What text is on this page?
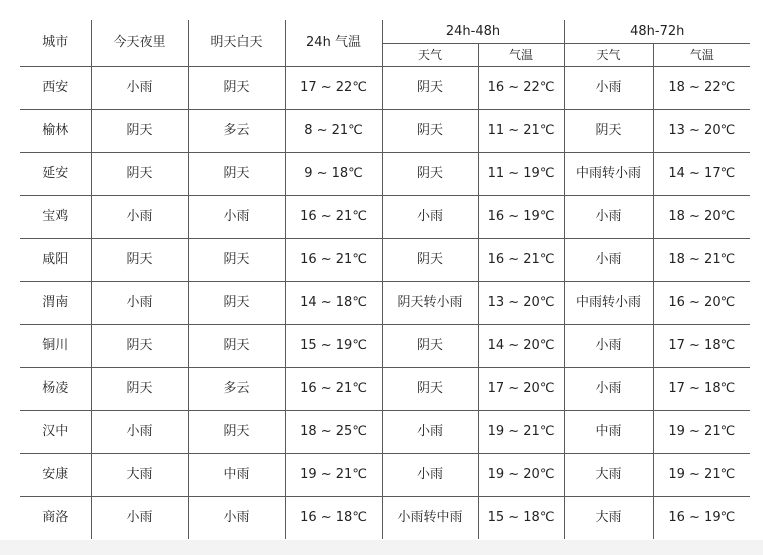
城市	今天夜里	明天白天	24h 气温	24h-48h		48h-72h	
				天气	气温	天气	气温
西安	小雨	阴天	17 ~ 22℃	阴天	16 ~ 22℃	小雨	18 ~ 22℃
榆林	阴天	多云	8 ~ 21℃	阴天	11 ~ 21℃	阴天	13 ~ 20℃
延安	阴天	阴天	9 ~ 18℃	阴天	11 ~ 19℃	中雨转小雨	14 ~ 17℃
宝鸡	小雨	小雨	16 ~ 21℃	小雨	16 ~ 19℃	小雨	18 ~ 20℃
咸阳	阴天	阴天	16 ~ 21℃	阴天	16 ~ 21℃	小雨	18 ~ 21℃
渭南	小雨	阴天	14 ~ 18℃	阴天转小雨	13 ~ 20℃	中雨转小雨	16 ~ 20℃
铜川	阴天	阴天	15 ~ 19℃	阴天	14 ~ 20℃	小雨	17 ~ 18℃
杨凌	阴天	多云	16 ~ 21℃	阴天	17 ~ 20℃	小雨	17 ~ 18℃
汉中	小雨	阴天	18 ~ 25℃	小雨	19 ~ 21℃	中雨	19 ~ 21℃
安康	大雨	中雨	19 ~ 21℃	小雨	19 ~ 20℃	大雨	19 ~ 21℃
商洛	小雨	小雨	16 ~ 18℃	小雨转中雨	15 ~ 18℃	大雨	16 ~ 19℃
